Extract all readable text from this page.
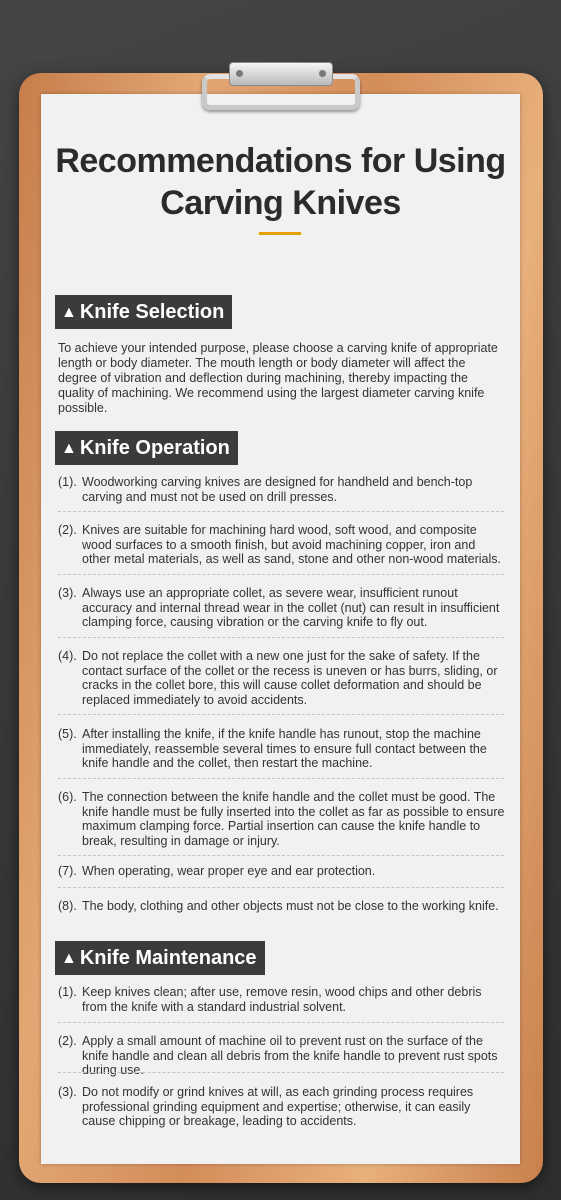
Recommendations for Using Carving Knives
▲ Knife Selection

To achieve your intended purpose, please choose a carving knife of appropriate length or body diameter. The mouth length or body diameter will affect the degree of vibration and deflection during machining, thereby impacting the quality of machining. We recommend using the largest diameter carving knife possible.

▲ Knife Operation
(1). Woodworking carving knives are designed for handheld and bench-top carving and must not be used on drill presses.
(2). Knives are suitable for machining hard wood, soft wood, and composite wood surfaces to a smooth finish, but avoid machining copper, iron and other metal materials, as well as sand, stone and other non-wood materials.
(3). Always use an appropriate collet, as severe wear, insufficient runout accuracy and internal thread wear in the collet (nut) can result in insufficient clamping force, causing vibration or the carving knife to fly out.
(4). Do not replace the collet with a new one just for the sake of safety. If the contact surface of the collet or the recess is uneven or has burrs, sliding, or cracks in the collet bore, this will cause collet deformation and should be replaced immediately to avoid accidents.
(5). After installing the knife, if the knife handle has runout, stop the machine immediately, reassemble several times to ensure full contact between the knife handle and the collet, then restart the machine.
(6). The connection between the knife handle and the collet must be good. The knife handle must be fully inserted into the collet as far as possible to ensure maximum clamping force. Partial insertion can cause the knife handle to break, resulting in damage or injury.
(7). When operating, wear proper eye and ear protection.
(8). The body, clothing and other objects must not be close to the working knife.
▲ Knife Maintenance
(1). Keep knives clean; after use, remove resin, wood chips and other debris from the knife with a standard industrial solvent.
(2). Apply a small amount of machine oil to prevent rust on the surface of the knife handle and clean all debris from the knife handle to prevent rust spots during use.
(3). Do not modify or grind knives at will, as each grinding process requires professional grinding equipment and expertise; otherwise, it can easily cause chipping or breakage, leading to accidents.
